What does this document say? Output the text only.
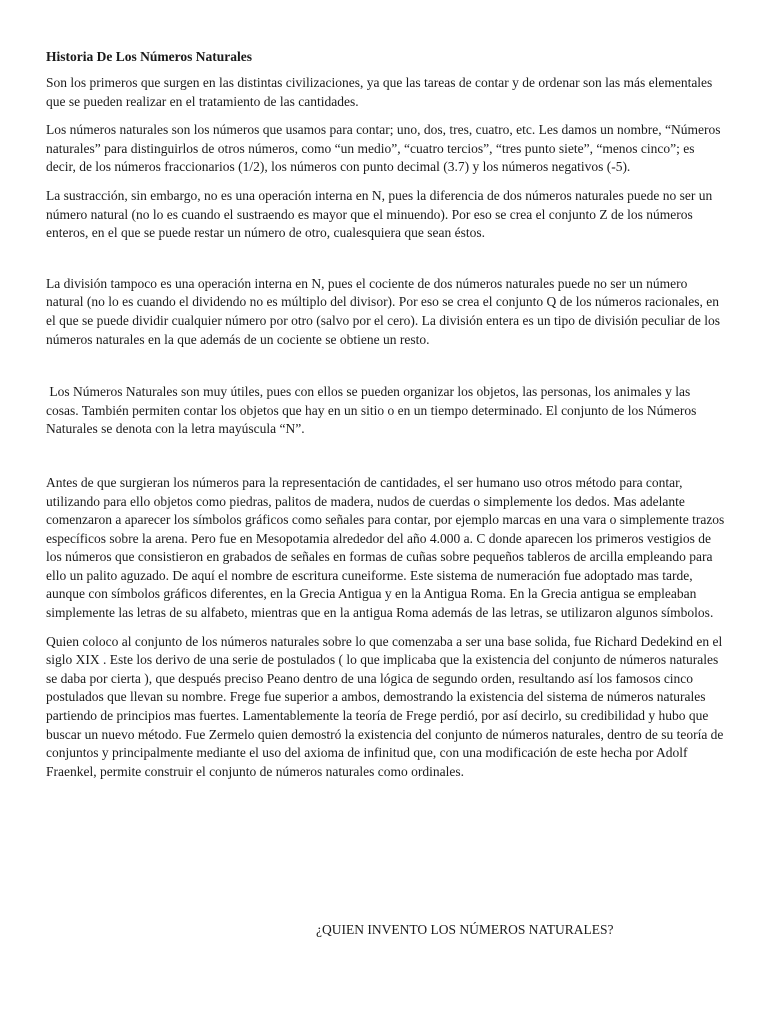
Historia De Los Números Naturales

Son los primeros que surgen en las distintas civilizaciones, ya que las tareas de contar y de ordenar son las más elementales que se pueden realizar en el tratamiento de las cantidades.

Los números naturales son los números que usamos para contar; uno, dos, tres, cuatro, etc. Les damos un nombre, “Números naturales” para distinguirlos de otros números, como “un medio”, “cuatro tercios”, “tres punto siete”, “menos cinco”; es decir, de los números fraccionarios (1/2), los números con punto decimal (3.7) y los números negativos (-5).

La sustracción, sin embargo, no es una operación interna en N, pues la diferencia de dos números naturales puede no ser un número natural (no lo es cuando el sustraendo es mayor que el minuendo). Por eso se crea el conjunto Z de los números enteros, en el que se puede restar un número de otro, cualesquiera que sean éstos.

La división tampoco es una operación interna en N, pues el cociente de dos números naturales puede no ser un número natural (no lo es cuando el dividendo no es múltiplo del divisor). Por eso se crea el conjunto Q de los números racionales, en el que se puede dividir cualquier número por otro (salvo por el cero). La división entera es un tipo de división peculiar de los números naturales en la que además de un cociente se obtiene un resto.

Los Números Naturales son muy útiles, pues con ellos se pueden organizar los objetos, las personas, los animales y las cosas. También permiten contar los objetos que hay en un sitio o en un tiempo determinado. El conjunto de los Números Naturales se denota con la letra mayúscula “N”.

Antes de que surgieran los números para la representación de cantidades, el ser humano uso otros método para contar, utilizando para ello objetos como piedras, palitos de madera, nudos de cuerdas o simplemente los dedos. Mas adelante comenzaron a aparecer los símbolos gráficos como señales para contar, por ejemplo marcas en una vara o simplemente trazos específicos sobre la arena. Pero fue en Mesopotamia alrededor del año 4.000 a. C donde aparecen los primeros vestigios de los números que consistieron en grabados de señales en formas de cuñas sobre pequeños tableros de arcilla empleando para ello un palito aguzado. De aquí el nombre de escritura cuneiforme. Este sistema de numeración fue adoptado mas tarde, aunque con símbolos gráficos diferentes, en la Grecia Antigua y en la Antigua Roma. En la Grecia antigua se empleaban simplemente las letras de su alfabeto, mientras que en la antigua Roma además de las letras, se utilizaron algunos símbolos.

Quien coloco al conjunto de los números naturales sobre lo que comenzaba a ser una base solida, fue Richard Dedekind en el siglo XIX . Este los derivo de una serie de postulados ( lo que implicaba que la existencia del conjunto de números naturales se daba por cierta ), que después preciso Peano dentro de una lógica de segundo orden, resultando así los famosos cinco postulados que llevan su nombre. Frege fue superior a ambos, demostrando la existencia del sistema de números naturales partiendo de principios mas fuertes. Lamentablemente la teoría de Frege perdió, por así decirlo, su credibilidad y hubo que buscar un nuevo método. Fue Zermelo quien demostró la existencia del conjunto de números naturales, dentro de su teoría de conjuntos y principalmente mediante el uso del axioma de infinitud que, con una modificación de este hecha por Adolf Fraenkel, permite construir el conjunto de números naturales como ordinales.

¿QUIEN INVENTO LOS NÚMEROS NATURALES?
